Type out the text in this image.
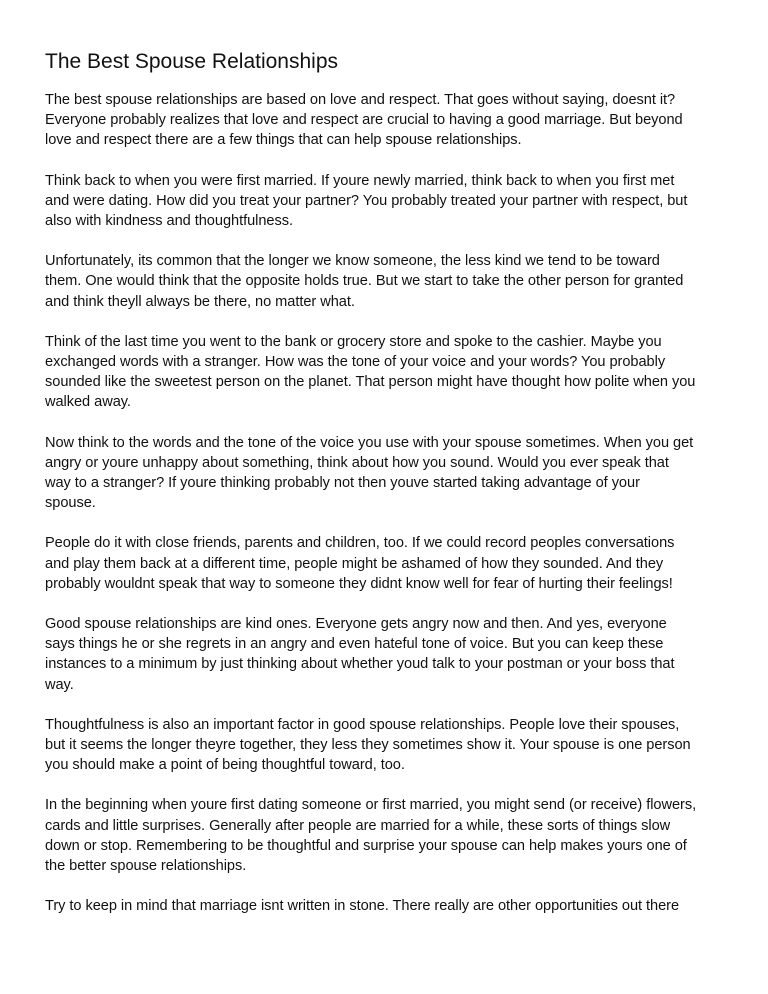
The Best Spouse Relationships

The best spouse relationships are based on love and respect. That goes without saying, doesnt it?
Everyone probably realizes that love and respect are crucial to having a good marriage. But beyond
love and respect there are a few things that can help spouse relationships.

Think back to when you were first married. If youre newly married, think back to when you first met
and were dating. How did you treat your partner? You probably treated your partner with respect, but
also with kindness and thoughtfulness.

Unfortunately, its common that the longer we know someone, the less kind we tend to be toward
them. One would think that the opposite holds true. But we start to take the other person for granted
and think theyll always be there, no matter what.

Think of the last time you went to the bank or grocery store and spoke to the cashier. Maybe you
exchanged words with a stranger. How was the tone of your voice and your words? You probably
sounded like the sweetest person on the planet. That person might have thought how polite when you
walked away.

Now think to the words and the tone of the voice you use with your spouse sometimes. When you get
angry or youre unhappy about something, think about how you sound. Would you ever speak that
way to a stranger? If youre thinking probably not then youve started taking advantage of your
spouse.

People do it with close friends, parents and children, too. If we could record peoples conversations
and play them back at a different time, people might be ashamed of how they sounded. And they
probably wouldnt speak that way to someone they didnt know well for fear of hurting their feelings!

Good spouse relationships are kind ones. Everyone gets angry now and then. And yes, everyone
says things he or she regrets in an angry and even hateful tone of voice. But you can keep these
instances to a minimum by just thinking about whether youd talk to your postman or your boss that
way.

Thoughtfulness is also an important factor in good spouse relationships. People love their spouses,
but it seems the longer theyre together, they less they sometimes show it. Your spouse is one person
you should make a point of being thoughtful toward, too.

In the beginning when youre first dating someone or first married, you might send (or receive) flowers,
cards and little surprises. Generally after people are married for a while, these sorts of things slow
down or stop. Remembering to be thoughtful and surprise your spouse can help makes yours one of
the better spouse relationships.

Try to keep in mind that marriage isnt written in stone. There really are other opportunities out there
